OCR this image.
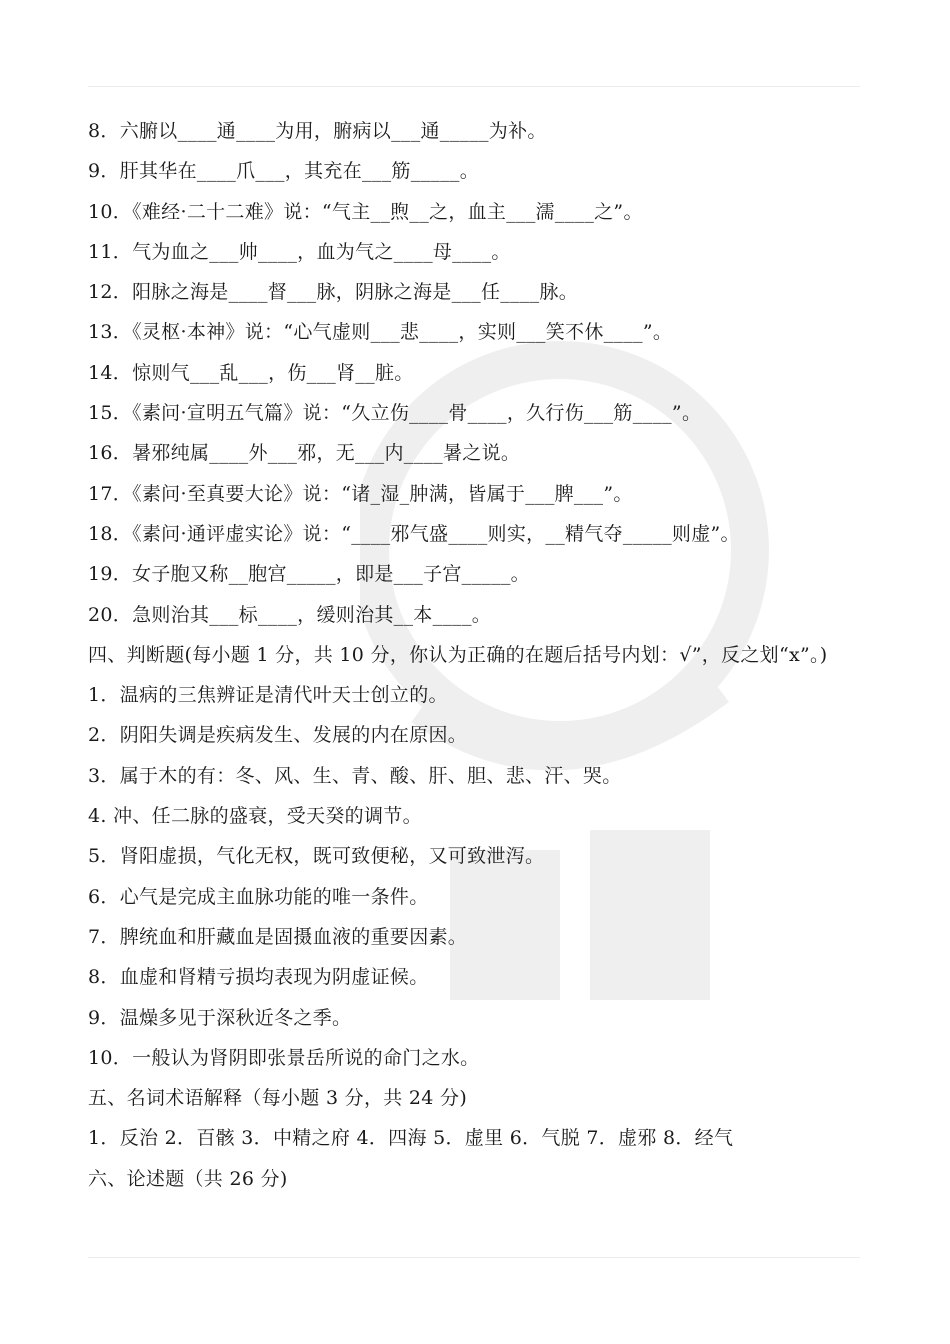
8．六腑以____通____为用，腑病以___通_____为补。
9．肝其华在____爪___，其充在___筋_____。
10．《难经·二十二难》说：“气主__煦__之，血主___濡____之”。
11．气为血之___帅____，血为气之____母____。
12．阳脉之海是____督___脉，阴脉之海是___任____脉。
13．《灵枢·本神》说：“心气虚则___悲____，实则___笑不休____”。
14．惊则气___乱___，伤___肾__脏。
15．《素问·宣明五气篇》说：“久立伤____骨____，久行伤___筋____”。
16．暑邪纯属____外___邪，无___内____暑之说。
17．《素问·至真要大论》说：“诸_湿_肿满，皆属于___脾___”。
18．《素问·通评虚实论》说：“____邪气盛____则实，__精气夺_____则虚”。
19．女子胞又称__胞宫_____，即是___子宫_____。
20．急则治其___标____，缓则治其__本____。
四、判断题(每小题 1 分，共 10 分，你认为正确的在题后括号内划：√”，反之划“x”。)
1．温病的三焦辨证是清代叶天士创立的。
2．阴阳失调是疾病发生、发展的内在原因。
3．属于木的有：冬、风、生、青、酸、肝、胆、悲、汗、哭。
4. 冲、任二脉的盛衰，受天癸的调节。
5．肾阳虚损，气化无权，既可致便秘，又可致泄泻。
6．心气是完成主血脉功能的唯一条件。
7．脾统血和肝藏血是固摄血液的重要因素。
8．血虚和肾精亏损均表现为阴虚证候。
9．温燥多见于深秋近冬之季。
10．一般认为肾阴即张景岳所说的命门之水。
五、名词术语解释（每小题 3 分，共 24 分)
1．反治 2．百骸 3．中精之府 4．四海 5．虚里 6．气脱 7．虚邪 8．经气
六、论述题（共 26 分)
